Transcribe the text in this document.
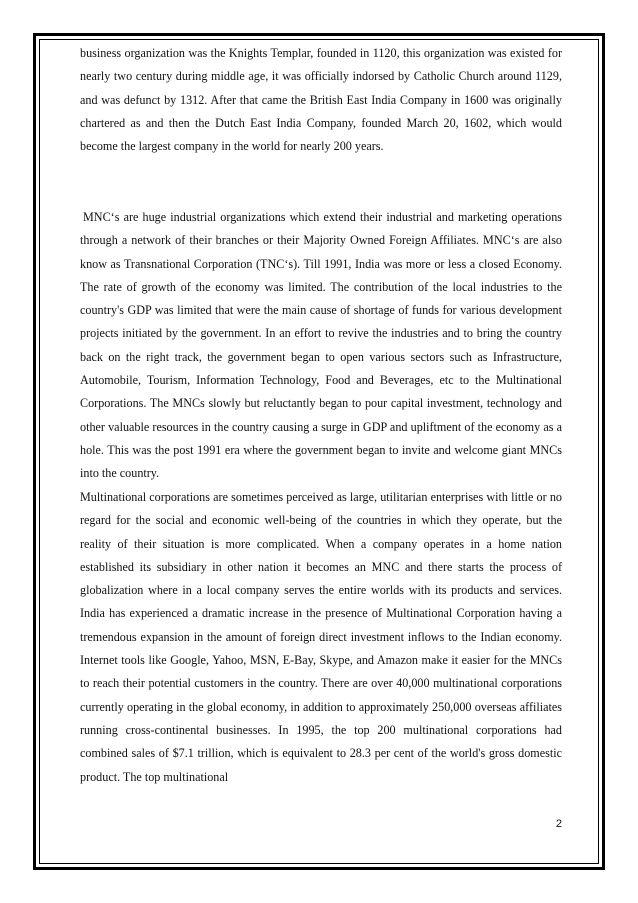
business organization was the Knights Templar, founded in 1120, this organization was existed for nearly two century during middle age, it was officially indorsed by Catholic Church around 1129, and was defunct by 1312. After that came the British East India Company in 1600 was originally chartered as and then the Dutch East India Company, founded March 20, 1602, which would become the largest company in the world for nearly 200 years.

MNC‘s are huge industrial organizations which extend their industrial and marketing operations through a network of their branches or their Majority Owned Foreign Affiliates. MNC‘s are also know as Transnational Corporation (TNC‘s). Till 1991, India was more or less a closed Economy. The rate of growth of the economy was limited. The contribution of the local industries to the country's GDP was limited that were the main cause of shortage of funds for various development projects initiated by the government. In an effort to revive the industries and to bring the country back on the right track, the government began to open various sectors such as Infrastructure, Automobile, Tourism, Information Technology, Food and Beverages, etc to the Multinational Corporations. The MNCs slowly but reluctantly began to pour capital investment, technology and other valuable resources in the country causing a surge in GDP and upliftment of the economy as a hole. This was the post 1991 era where the government began to invite and welcome giant MNCs into the country.

Multinational corporations are sometimes perceived as large, utilitarian enterprises with little or no regard for the social and economic well-being of the countries in which they operate, but the reality of their situation is more complicated. When a company operates in a home nation established its subsidiary in other nation it becomes an MNC and there starts the process of globalization where in a local company serves the entire worlds with its products and services. India has experienced a dramatic increase in the presence of Multinational Corporation having a tremendous expansion in the amount of foreign direct investment inflows to the Indian economy. Internet tools like Google, Yahoo, MSN, E-Bay, Skype, and Amazon make it easier for the MNCs to reach their potential customers in the country. There are over 40,000 multinational corporations currently operating in the global economy, in addition to approximately 250,000 overseas affiliates running cross-continental businesses. In 1995, the top 200 multinational corporations had combined sales of $7.1 trillion, which is equivalent to 28.3 per cent of the world's gross domestic product. The top multinational

2
